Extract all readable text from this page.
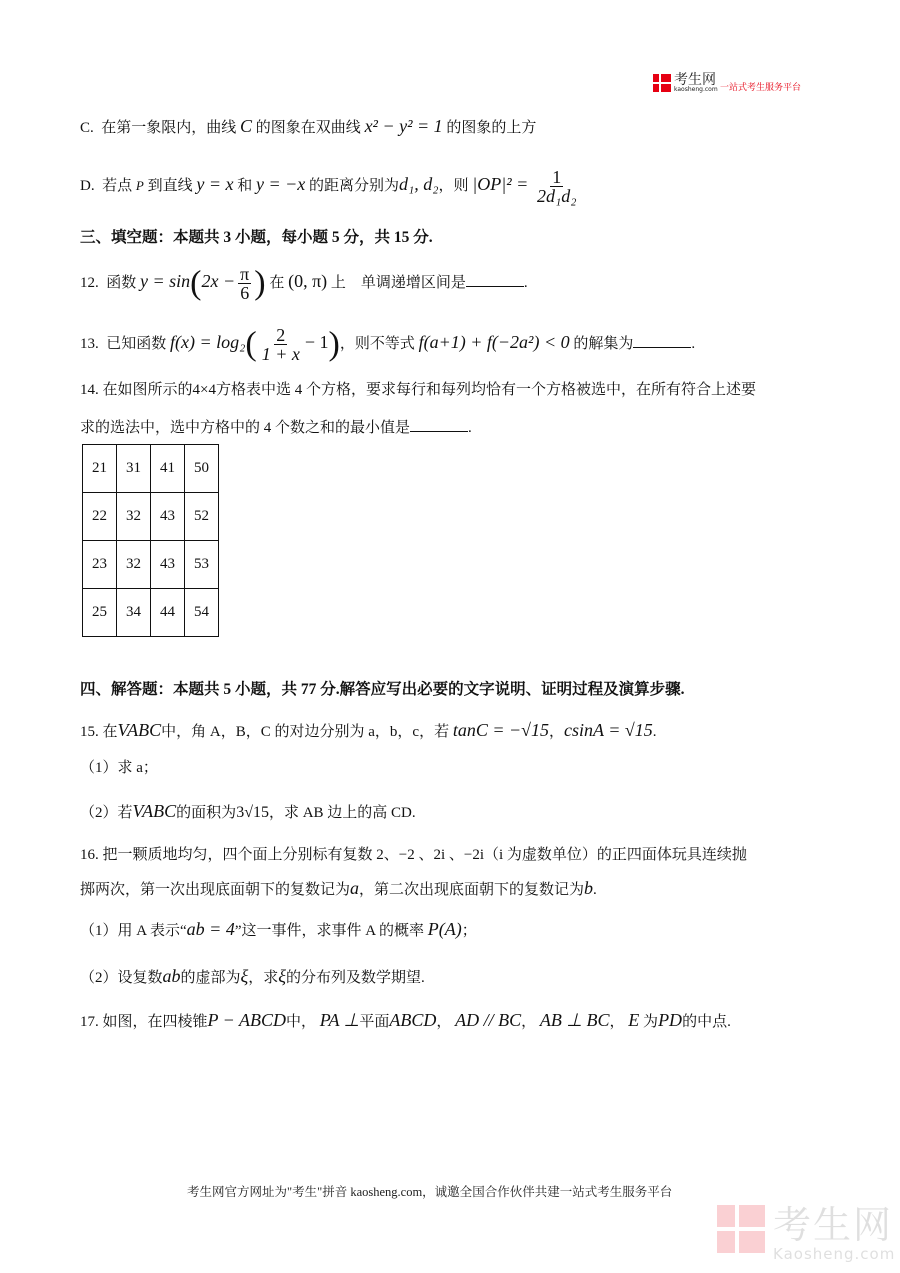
考生网
kaosheng.com 一站式考生服务平台
C. 在第一象限内，曲线 C 的图象在双曲线 x² − y² = 1 的图象的上方
D. 若点 P 到直线 y = x 和 y = −x 的距离分别为d₁, d₂，则 $|OP|^2 = \frac{1}{\text{2d₁d₂}}$
三、填空题：本题共 3 小题，每小题 5 分，共 15 分.
12. 函数 $y = \sin(2x - \frac{\pi}{6}$ ) 在 (0, π) 上　单调递增区间是	.
13. 已知函数 $f(x) = \log_2( \frac{2}{1 + x} - 1)$，则不等式 f(a+1) + f(−2a²) < 0 的解集为	.
14. 在如图所示的4×4方格表中选 4 个方格，要求每行和每列均恰有一个方格被选中，在所有符合上述要
求的选法中，选中方格中的 4 个数之和的最小值是	.
21	31	41	50
22	32	43	52
23	32	43	53
25	34	44	54
四、解答题：本题共 5 小题，共 77 分.解答应写出必要的文字说明、证明过程及演算步骤.
15. 在VABC中，角 A，B，C 的对边分别为 a，b，c，若 tanC = −√15，csinA = √15.
（1）求 a；
（2）若VABC的面积为3√15，求 AB 边上的高 CD.
16. 把一颗质地均匀，四个面上分别标有复数 2、−2 、2i 、−2i（i 为虚数单位）的正四面体玩具连续抛
掷两次，第一次出现底面朝下的复数记为a，第二次出现底面朝下的复数记为b.
（1）用 A 表示“ab = 4”这一事件，求事件 A 的概率 P(A)；
（2）设复数ab的虚部为ξ，求ξ的分布列及数学期望.
17. 如图，在四棱锥P − ABCD中， PA ⊥平面ABCD， AD // BC， AB ⊥ BC， E 为PD的中点.
考生网官方网址为"考生"拼音 kaosheng.com，诚邀全国合作伙伴共建一站式考生服务平台
考生网
Kaosheng.com
